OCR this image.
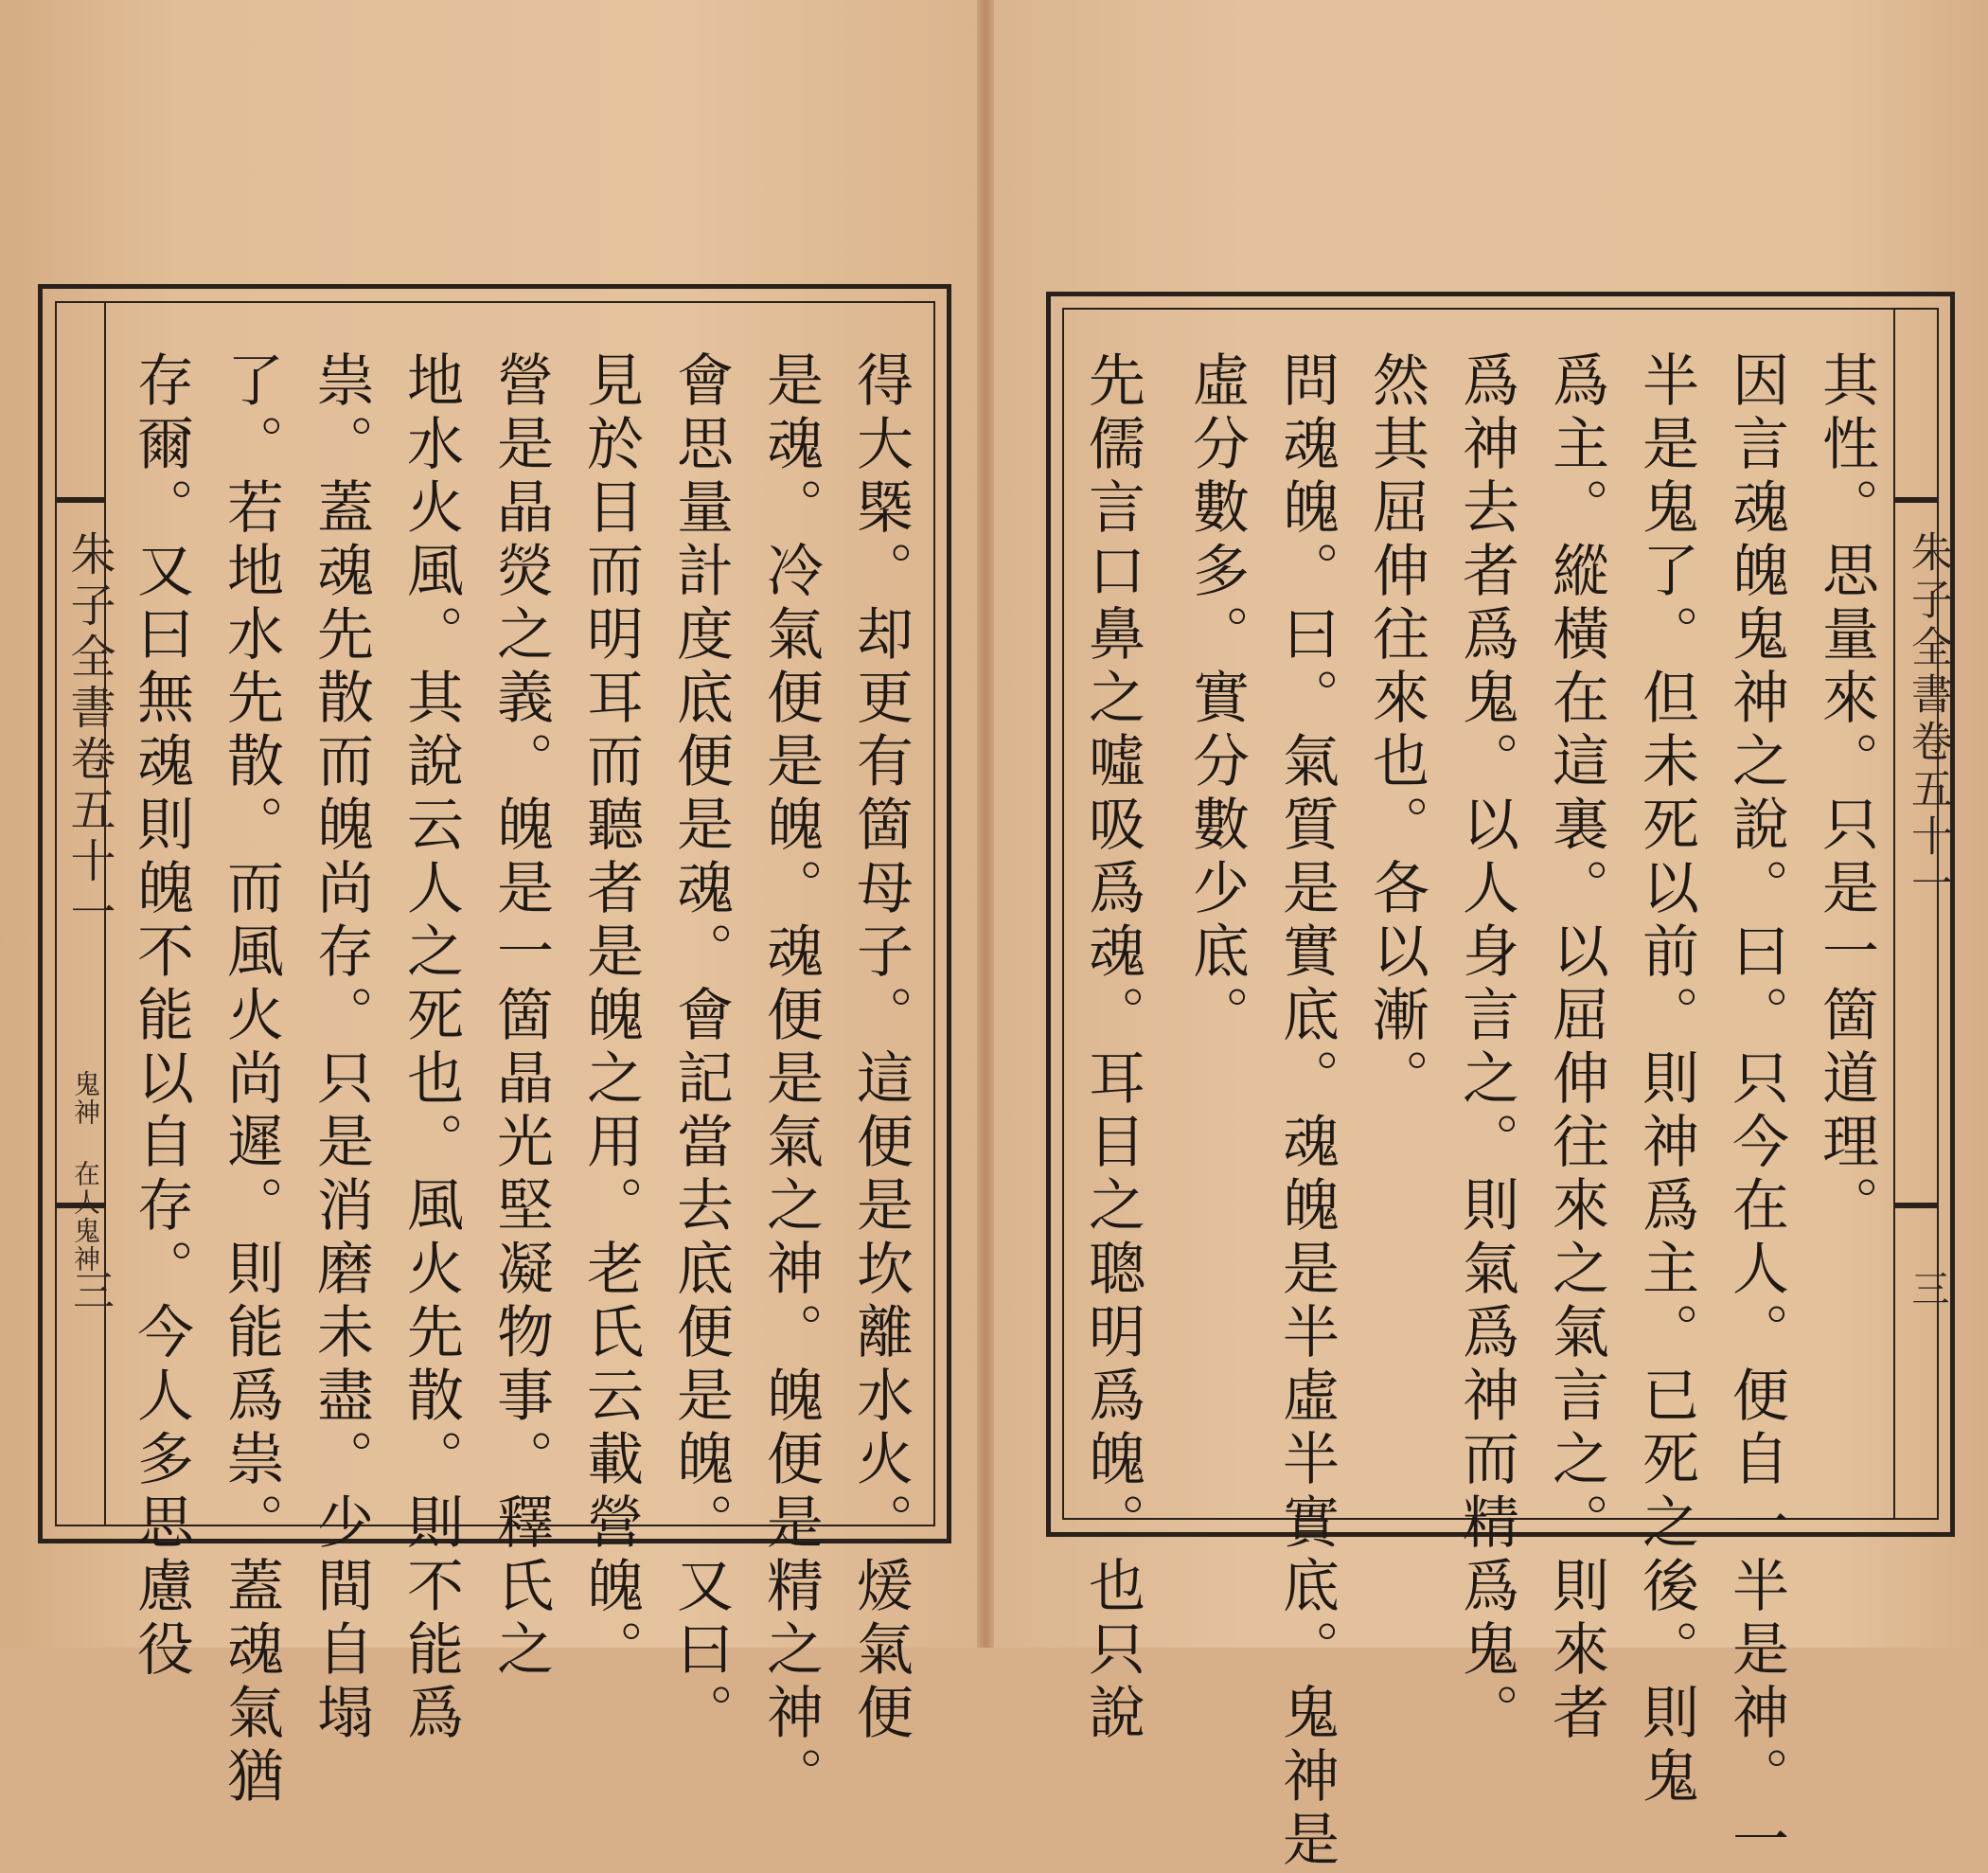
朱子全書卷五十一
鬼神 在人鬼神
三	得大槩。却更有箇母子。這便是坎離水火。煖氣便
是魂。冷氣便是魄。魂便是氣之神。魄便是精之神。
會思量計度底便是魂。會記當去底便是魄。又曰。
見於目而明耳而聽者是魄之用。老氏云載營魄。
營是晶熒之義。魄是一箇晶光堅凝物事。釋氏之
地水火風。其說云人之死也。風火先散。則不能爲
祟。蓋魂先散而魄尚存。只是消磨未盡。少間自塌
了。若地水先散。而風火尚遲。則能爲祟。蓋魂氣猶
存爾。又曰無魂則魄不能以自存。今人多思慮役	朱子全書卷五十一
三
其性。思量來。只是一箇道理。
因言魂魄鬼神之說。曰。只今在人。便自一半是神。一
半是鬼了。但未死以前。則神爲主。已死之後。則鬼
爲主。縱橫在這裏。以屈伸往來之氣言之。則來者
爲神去者爲鬼。以人身言之。則氣爲神而精爲鬼。
然其屈伸往來也。各以漸。
問魂魄。曰。氣質是實底。魂魄是半虛半實底。鬼神是
虛分數多。實分數少底。
先儒言口鼻之噓吸爲魂。耳目之聰明爲魄。也只說
